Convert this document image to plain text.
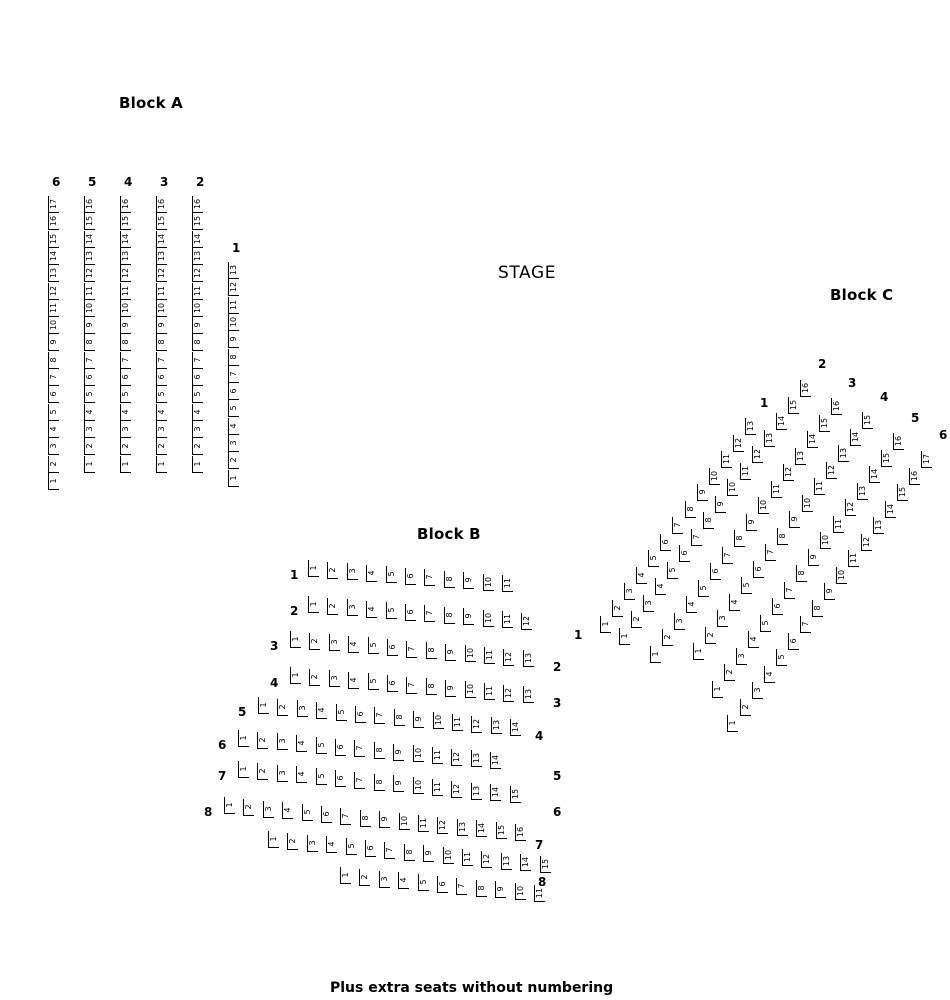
STAGE
Block A
6
17
16
15
14
13
12
11
10
9
8
7
6
5
4
3
2
1
5
16
15
14
13
12
11
10
9
8
7
6
5
4
3
2
1
4
16
15
14
13
12
11
10
9
8
7
6
5
4
3
2
1
3
16
15
14
13
12
11
10
9
8
7
6
5
4
3
2
1
2
16
15
14
13
12
11
10
9
8
7
6
5
4
3
2
1
1
13
12
11
10
9
8
7
6
5
4
3
2
1
Block B
1 1 2 3 4 5 6 7 8 9 10 11
2 1 2 3 4 5 6 7 8 9 10 11 12
3
1
1 2 3 4 5 6 7 8 9 10 11 12 13
4
2
1 2 3 4 5 6 7 8 9 10 11 12 13
5
3
1 2 3 4 5 6 7 8 9 10 11 12 13 14
6
4
1 2 3 4 5 6 7 8 9 10 11 12 13 14
7	5
1 2 3 4 5 6 7 8 9 10 11 12 13 14 15
8	6
1 2 3 4 5 6 7 8 9 10 11 12 13 14 15 16
7
1 2 3 4 5 6 7 8 9 10 11 12 13 14 15
8
1 2 3 4 5 6 7 8 9 10 11
Block C
1
13
12
11
10
9
8
7
6
5
4
3
2
1
2
16
15
14
13
12
11
10
9
8
7
6
5
4
3
2
1
3
16
15
14
13
12
11
10
9
8
7
6
5
4
3
2
1
4
15
14
13
12
11
10
9
8
7
6
5
4
3
2
1
5
16
15
14
13
12
11
10
9
8
7
6
5
4
3
2
1
6
17
16
15
14
13
12
11
10
9
8
7
6
5
4
3
2
1
Plus extra seats without numbering
